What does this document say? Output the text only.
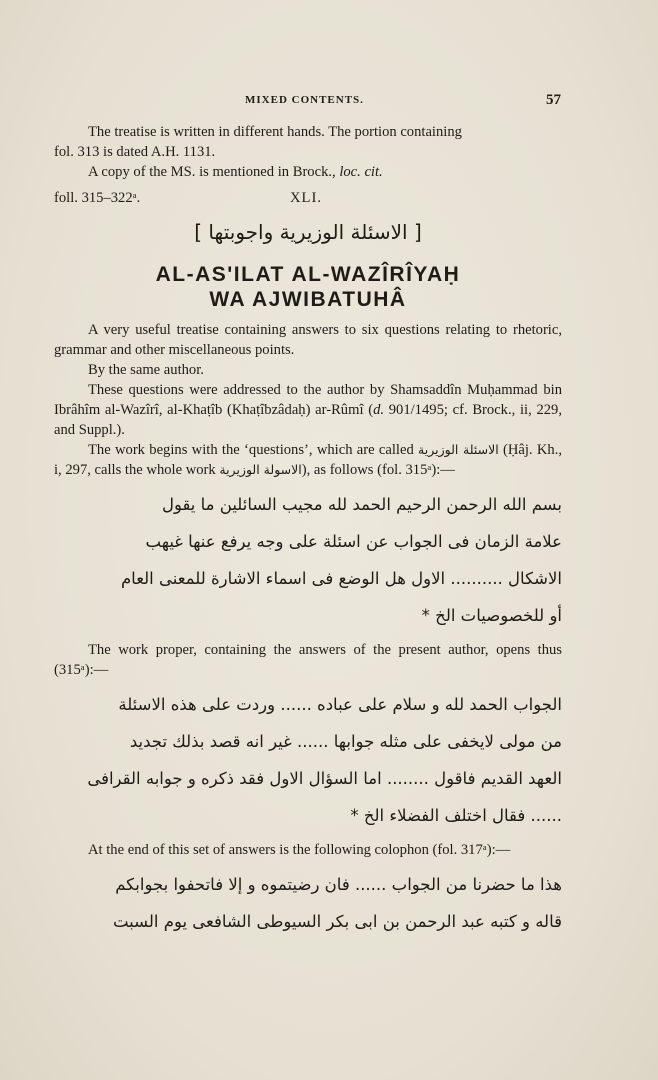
MIXED CONTENTS.	57

The treatise is written in different hands. The portion containing
fol. 313 is dated A.H. 1131.

A copy of the MS. is mentioned in Brock., loc. cit.

foll. 315–322ᵃ.	XLI.
[ الاسئلة الوزيرية واجوبتها ]
AL-AS'ILAT AL-WAZÎRÎYAḤ
WA AJWIBATUHÂ

A very useful treatise containing answers to six questions relating to rhetoric, grammar and other miscellaneous points.

By the same author.

These questions were addressed to the author by Shamsaddîn Muḥammad bin Ibrâhîm al-Wazîrî, al-Khaṭîb (Khaṭîbzâdaḥ) ar-Rûmî (d. 901/1495; cf. Brock., ii, 229, and Suppl.).

The work begins with the ‘questions’, which are called الاسئلة الوزيرية (Ḥâj. Kh., i, 297, calls the whole work الاسولة الوزيرية), as follows (fol. 315ᵃ):—

بسم الله الرحمن الرحيم الحمد لله مجيب السائلين ما يقول
علامة الزمان فى الجواب عن اسئلة على وجه يرفع عنها غيهب
الاشكال .......... الاول هل الوضع فى اسماء الاشارة للمعنى العام
أو للخصوصيات الخ *

The work proper, containing the answers of the present author, opens thus (315ᵃ):—

الجواب الحمد لله و سلام على عباده ...... وردت على هذه الاسئلة
من مولى لايخفى على مثله جوابها ...... غير انه قصد بذلك تجديد
العهد القديم فاقول ........ اما السؤال الاول فقد ذكره و جوابه القرافى
...... فقال اختلف الفضلاء الخ *

At the end of this set of answers is the following colophon (fol. 317ᵃ):—

هذا ما حضرنا من الجواب ...... فان رضيتموه و إلا فاتحفوا بجوابكم
قاله و كتبه عبد الرحمن بن ابى بكر السيوطى الشافعى يوم السبت
